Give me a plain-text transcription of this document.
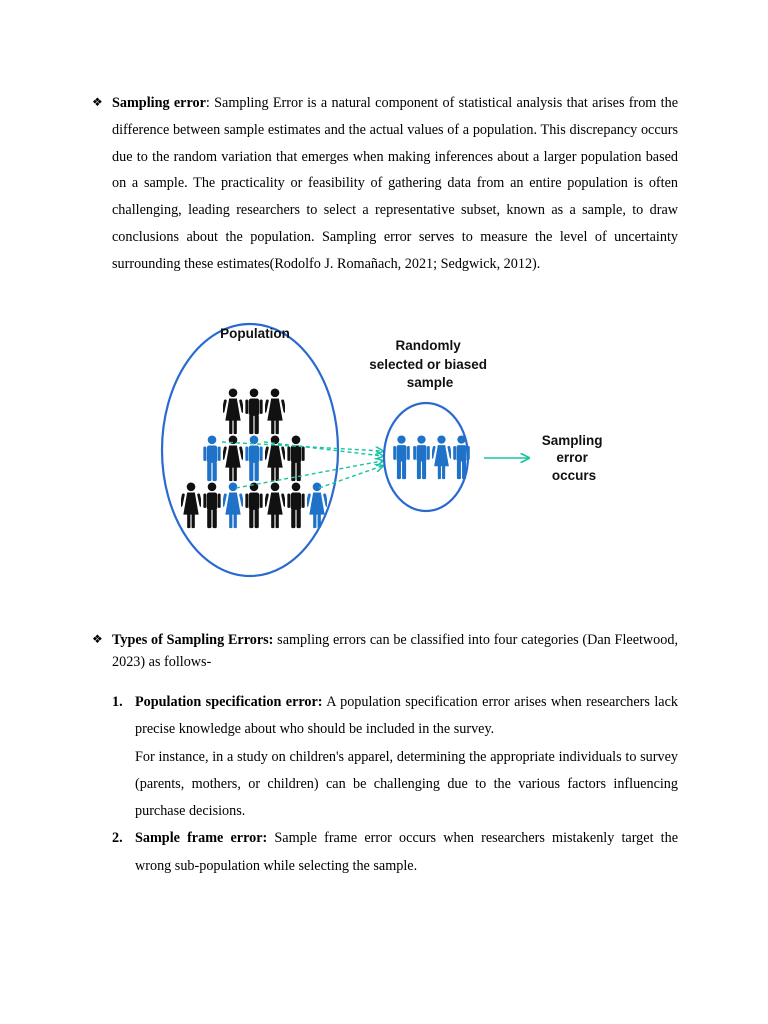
❖ Sampling error: Sampling Error is a natural component of statistical analysis that arises from the difference between sample estimates and the actual values of a population. This discrepancy occurs due to the random variation that emerges when making inferences about a larger population based on a sample. The practicality or feasibility of gathering data from an entire population is often challenging, leading researchers to select a representative subset, known as a sample, to draw conclusions about the population. Sampling error serves to measure the level of uncertainty surrounding these estimates(Rodolfo J. Romañach, 2021; Sedgwick, 2012).

Population
Randomly selected or biased sample
Sampling error occurs

❖ Types of Sampling Errors: sampling errors can be classified into four categories (Dan Fleetwood, 2023) as follows-

1. Population specification error: A population specification error arises when researchers lack precise knowledge about who should be included in the survey.

For instance, in a study on children's apparel, determining the appropriate individuals to survey (parents, mothers, or children) can be challenging due to the various factors influencing purchase decisions.

2. Sample frame error: Sample frame error occurs when researchers mistakenly target the wrong sub-population while selecting the sample.
